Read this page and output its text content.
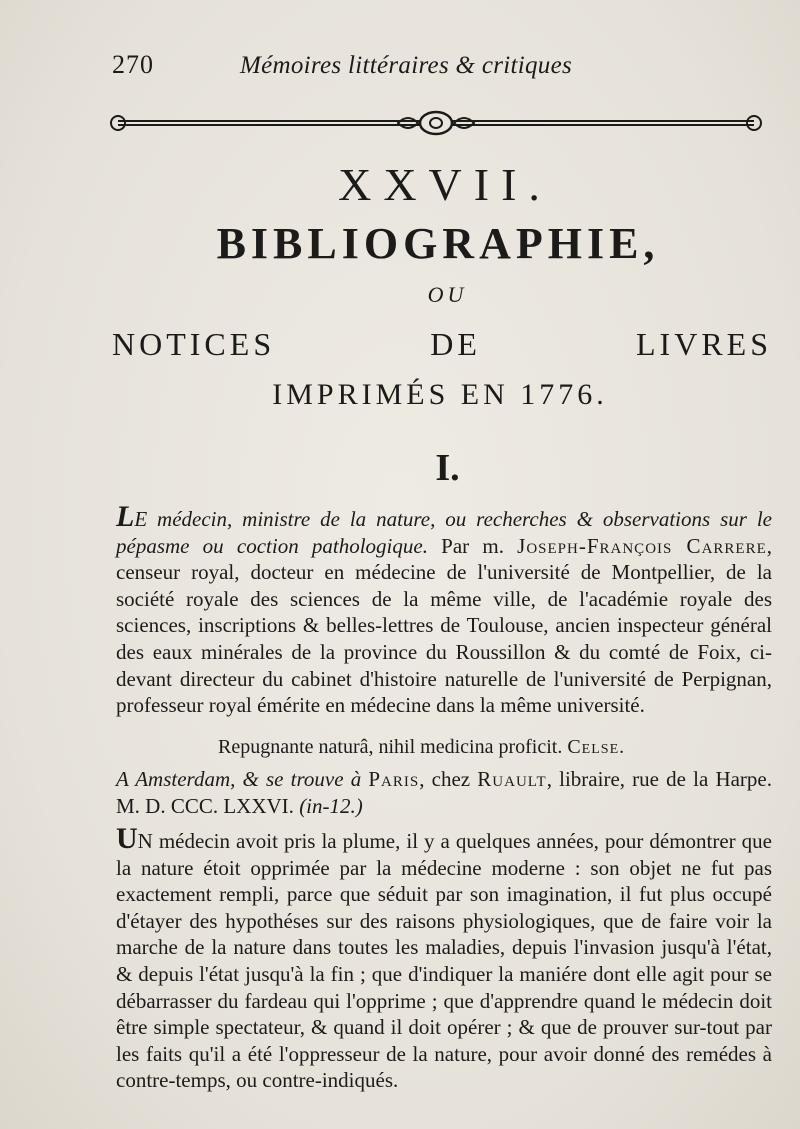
270	Mémoires littéraires & critiques
XXVII.
BIBLIOGRAPHIE,
OU
NOTICES DE LIVRES
IMPRIMÉS EN 1776.
I.
LE médecin, ministre de la nature, ou recherches & observations sur le pépasme ou coction pathologique. Par m. Joseph-François Carrere, censeur royal, docteur en médecine de l'université de Montpellier, de la société royale des sciences de la même ville, de l'académie royale des sciences, inscriptions & belles-lettres de Toulouse, ancien inspecteur général des eaux minérales de la province du Roussillon & du comté de Foix, ci-devant directeur du cabinet d'histoire naturelle de l'université de Perpignan, professeur royal émérite en médecine dans la même université.
Repugnante naturâ, nihil medicina proficit. Celse.
A Amsterdam, & se trouve à Paris, chez Ruault, libraire, rue de la Harpe. M. D. CCC. LXXVI. (in-12.)
UN médecin avoit pris la plume, il y a quelques années, pour démontrer que la nature étoit opprimée par la médecine moderne : son objet ne fut pas exactement rempli, parce que séduit par son imagination, il fut plus occupé d'étayer des hypothéses sur des raisons physiologiques, que de faire voir la marche de la nature dans toutes les maladies, depuis l'invasion jusqu'à l'état, & depuis l'état jusqu'à la fin ; que d'indiquer la maniére dont elle agit pour se débarrasser du fardeau qui l'opprime ; que d'apprendre quand le médecin doit être simple spectateur, & quand il doit opérer ; & que de prouver sur-tout par les faits qu'il a été l'oppresseur de la nature, pour avoir donné des remédes à contre-temps, ou contre-indiqués.
